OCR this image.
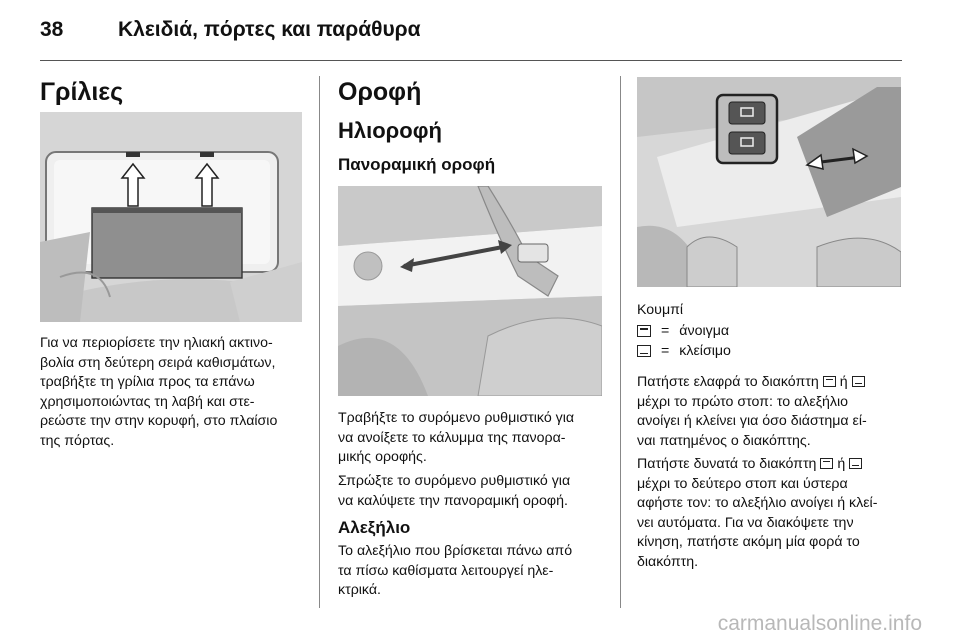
38	Κλειδιά, πόρτες και παράθυρα
Γρίλιες
Για να περιορίσετε την ηλιακή ακτινο-
βολία στη δεύτερη σειρά καθισμάτων,
τραβήξτε τη γρίλια προς τα επάνω
χρησιμοποιώντας τη λαβή και στε-
ρεώστε την στην κορυφή, στο πλαίσιο
της πόρτας.
Οροφή
Ηλιοροφή
Πανοραμική οροφή
Τραβήξτε το συρόμενο ρυθμιστικό για
να ανοίξετε το κάλυμμα της πανορα-
μικής οροφής.
Σπρώξτε το συρόμενο ρυθμιστικό για
να καλύψετε την πανοραμική οροφή.
Αλεξήλιο
Το αλεξήλιο που βρίσκεται πάνω από
τα πίσω καθίσματα λειτουργεί ηλε-
κτρικά.
Κουμπί
= άνοιγμα
= κλείσιμο
Πατήστε ελαφρά το διακόπτη ή
μέχρι το πρώτο στοπ: το αλεξήλιο
ανοίγει ή κλείνει για όσο διάστημα εί-
ναι πατημένος ο διακόπτης.
Πατήστε δυνατά το διακόπτη ή
μέχρι το δεύτερο στοπ και ύστερα
αφήστε τον: το αλεξήλιο ανοίγει ή κλεί-
νει αυτόματα. Για να διακόψετε την
κίνηση, πατήστε ακόμη μία φορά το
διακόπτη.
carmanualsonline.info
